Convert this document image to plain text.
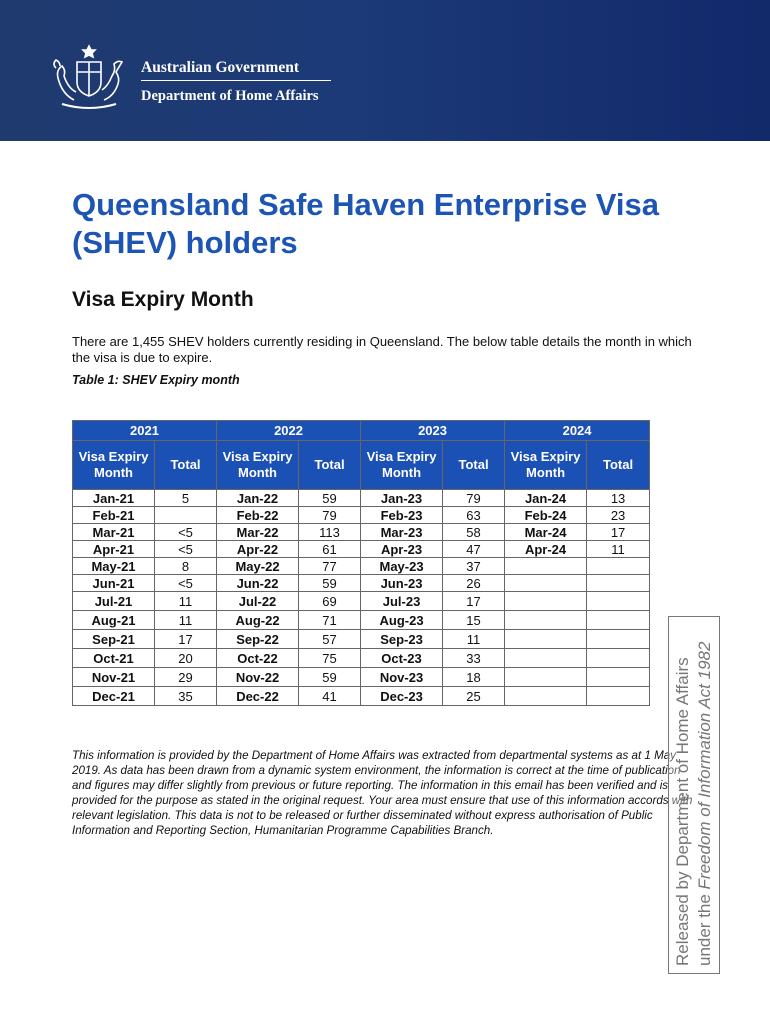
Australian Government
Department of Home Affairs
Queensland Safe Haven Enterprise Visa (SHEV) holders
Visa Expiry Month
There are 1,455 SHEV holders currently residing in Queensland. The below table details the month in which the visa is due to expire.
Table 1: SHEV Expiry month
2021		2022		2023		2024	
Visa Expiry Month	Total	Visa Expiry Month	Total	Visa Expiry Month	Total	Visa Expiry Month	Total
Jan-21	5	Jan-22	59	Jan-23	79	Jan-24	13
Feb-21		Feb-22	79	Feb-23	63	Feb-24	23
Mar-21	<5	Mar-22	113	Mar-23	58	Mar-24	17
Apr-21	<5	Apr-22	61	Apr-23	47	Apr-24	11
May-21	8	May-22	77	May-23	37		
Jun-21	<5	Jun-22	59	Jun-23	26		
Jul-21	11	Jul-22	69	Jul-23	17		
Aug-21	11	Aug-22	71	Aug-23	15		
Sep-21	17	Sep-22	57	Sep-23	11		
Oct-21	20	Oct-22	75	Oct-23	33		
Nov-21	29	Nov-22	59	Nov-23	18		
Dec-21	35	Dec-22	41	Dec-23	25		
This information is provided by the Department of Home Affairs was extracted from departmental systems as at 1 May 2019. As data has been drawn from a dynamic system environment, the information is correct at the time of publication and figures may differ slightly from previous or future reporting. The information in this email has been verified and is provided for the purpose as stated in the original request. Your area must ensure that use of this information accords with relevant legislation. This data is not to be released or further disseminated without express authorisation of Public Information and Reporting Section, Humanitarian Programme Capabilities Branch.	Released by Department of Home Affairs under the Freedom of Information Act 1982
